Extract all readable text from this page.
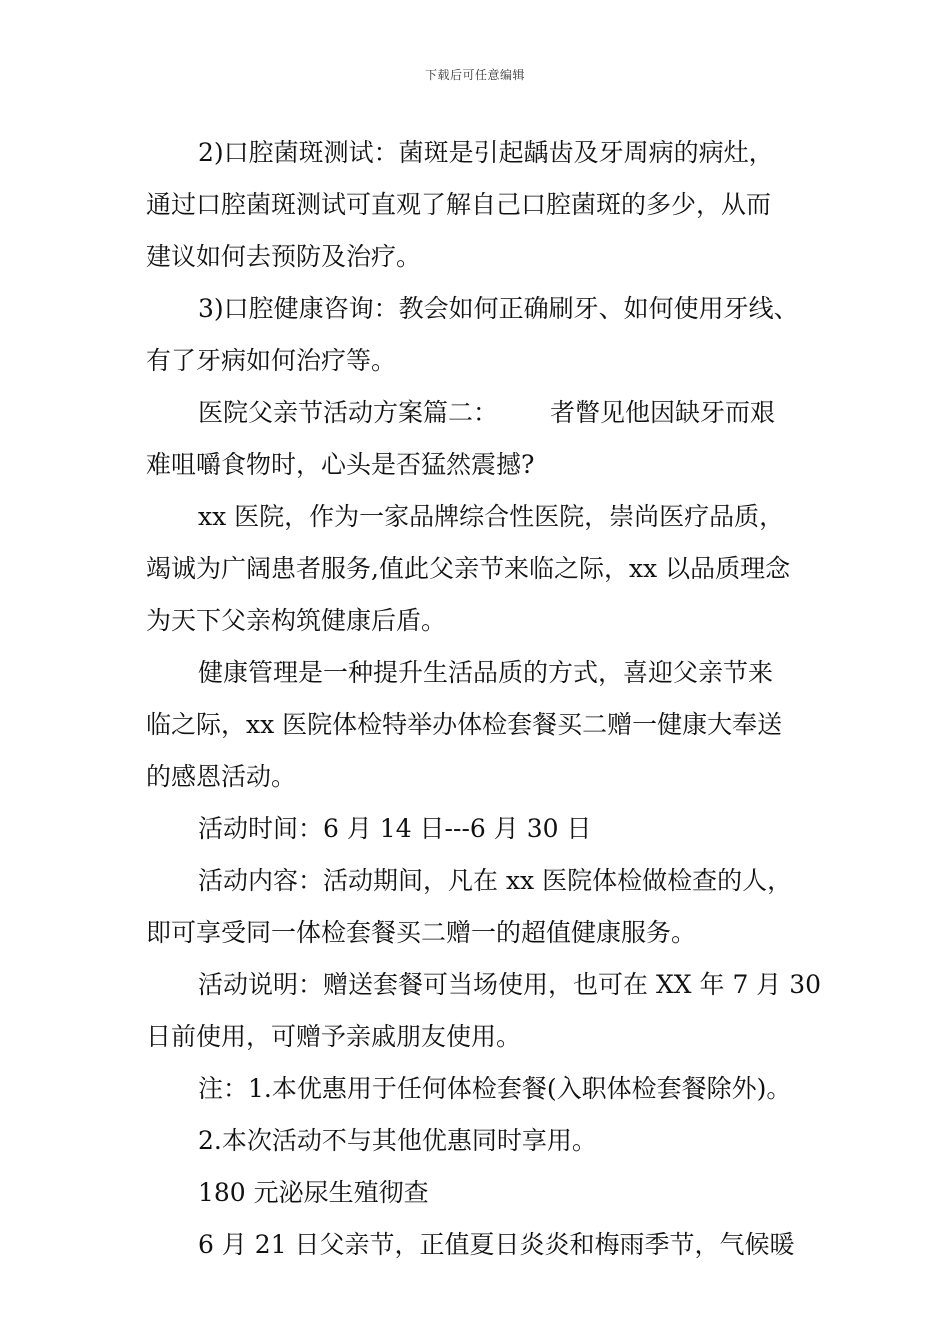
下载后可任意编辑

2)口腔菌斑测试：菌斑是引起龋齿及牙周病的病灶，

通过口腔菌斑测试可直观了解自己口腔菌斑的多少，从而

建议如何去预防及治疗。

3)口腔健康咨询：教会如何正确刷牙、如何使用牙线、

有了牙病如何治疗等。

医院父亲节活动方案篇二： 者瞥见他因缺牙而艰

难咀嚼食物时，心头是否猛然震撼?

xx 医院，作为一家品牌综合性医院，崇尚医疗品质，

竭诚为广阔患者服务,值此父亲节来临之际，xx 以品质理念

为天下父亲构筑健康后盾。

健康管理是一种提升生活品质的方式，喜迎父亲节来

临之际，xx 医院体检特举办体检套餐买二赠一健康大奉送

的感恩活动。

活动时间：6 月 14 日---6 月 30 日

活动内容：活动期间，凡在 xx 医院体检做检查的人，

即可享受同一体检套餐买二赠一的超值健康服务。

活动说明：赠送套餐可当场使用，也可在 XX 年 7 月 30

日前使用，可赠予亲戚朋友使用。

注：1.本优惠用于任何体检套餐(入职体检套餐除外)。

2.本次活动不与其他优惠同时享用。

180 元泌尿生殖彻查

6 月 21 日父亲节，正值夏日炎炎和梅雨季节，气候暖
